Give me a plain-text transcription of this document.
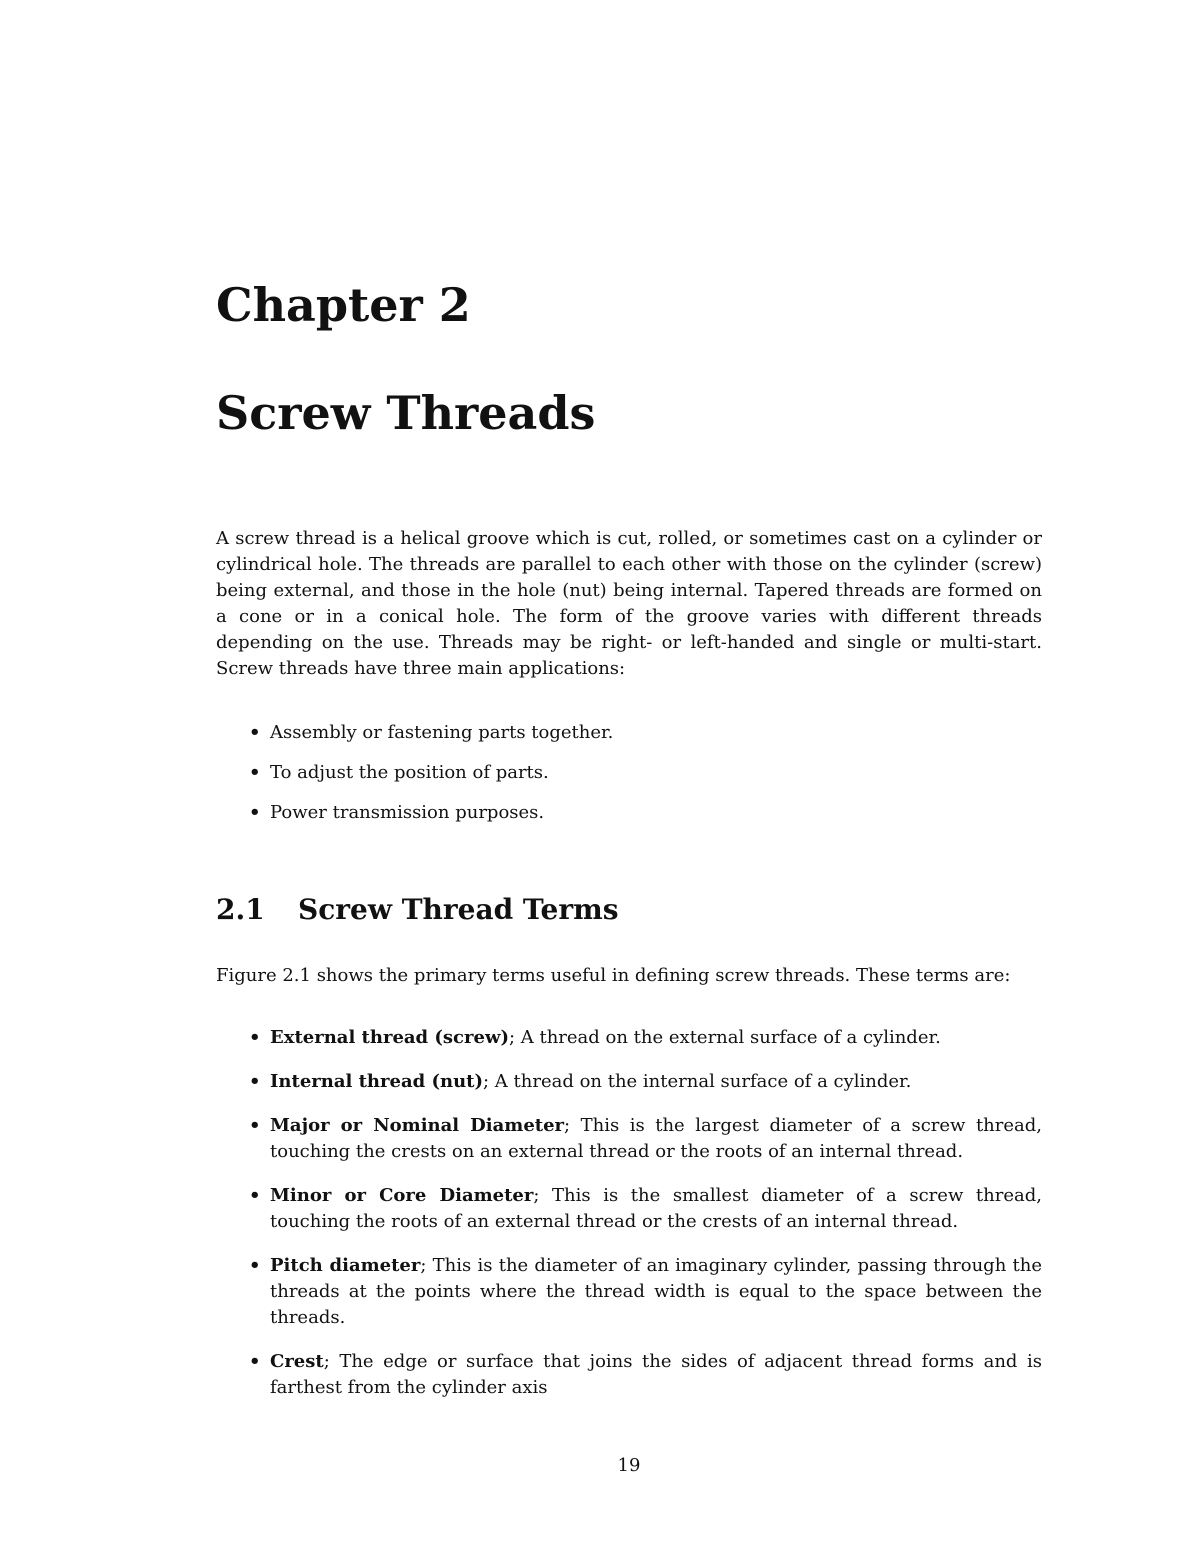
Chapter 2
Screw Threads

A screw thread is a helical groove which is cut, rolled, or sometimes cast on a cylinder or cylindrical hole. The threads are parallel to each other with those on the cylinder (screw) being external, and those in the hole (nut) being internal. Tapered threads are formed on a cone or in a conical hole. The form of the groove varies with different threads depending on the use. Threads may be right- or left-handed and single or multi-start. Screw threads have three main applications:

• Assembly or fastening parts together.
• To adjust the position of parts.
• Power transmission purposes.
2.1 Screw Thread Terms

Figure 2.1 shows the primary terms useful in defining screw threads. These terms are:

• External thread (screw); A thread on the external surface of a cylinder.
• Internal thread (nut); A thread on the internal surface of a cylinder.
• Major or Nominal Diameter; This is the largest diameter of a screw thread, touching the crests on an external thread or the roots of an internal thread.
• Minor or Core Diameter; This is the smallest diameter of a screw thread, touching the roots of an external thread or the crests of an internal thread.
• Pitch diameter; This is the diameter of an imaginary cylinder, passing through the threads at the points where the thread width is equal to the space between the threads.
• Crest; The edge or surface that joins the sides of adjacent thread forms and is farthest from the cylinder axis

19
